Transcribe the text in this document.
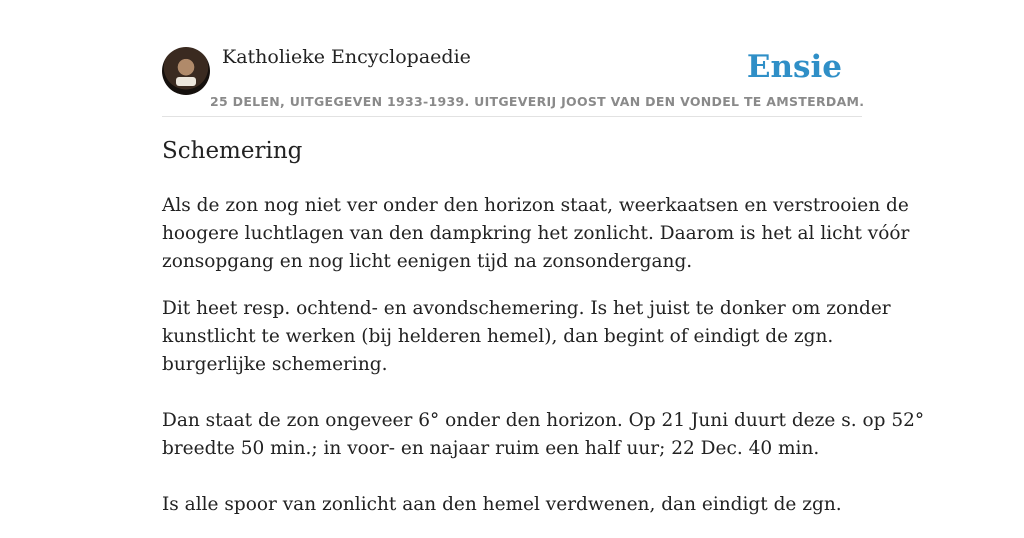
Katholieke Encyclopaedie
25 DELEN, UITGEGEVEN 1933-1939. UITGEVERIJ JOOST VAN DEN VONDEL TE AMSTERDAM.
Ensie
Schemering

Als de zon nog niet ver onder den horizon staat, weerkaatsen en verstrooien de
hoogere luchtlagen van den dampkring het zonlicht. Daarom is het al licht vóór
zonsopgang en nog licht eenigen tijd na zonsondergang.

Dit heet resp. ochtend- en avondschemering. Is het juist te donker om zonder
kunstlicht te werken (bij helderen hemel), dan begint of eindigt de zgn.
burgerlijke schemering.
Dan staat de zon ongeveer 6° onder den horizon. Op 21 Juni duurt deze s. op 52°
breedte 50 min.; in voor- en najaar ruim een half uur; 22 Dec. 40 min.
Is alle spoor van zonlicht aan den hemel verdwenen, dan eindigt de zgn.
